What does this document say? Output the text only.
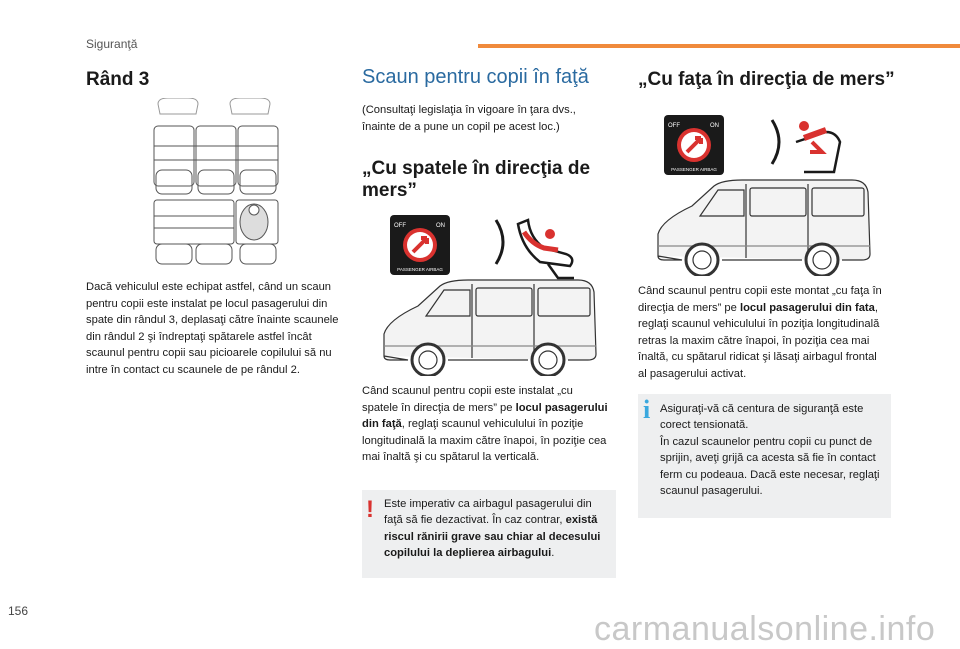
Siguranţă
Rând 3
Dacă vehiculul este echipat astfel, când un scaun pentru copii este instalat pe locul pasagerului din spate din rândul 3, deplasaţi către înainte scaunele din rândul 2 şi îndreptaţi spătarele astfel încât scaunul pentru copii sau picioarele copilului să nu intre în contact cu scaunele de pe rândul 2.
Scaun pentru copii în faţă
(Consultaţi legislaţia în vigoare în ţara dvs., înainte de a pune un copil pe acest loc.)
„Cu spatele în direcţia de mers”
OFF	ON
PASSENGER AIRBAG
Când scaunul pentru copii este instalat „cu spatele în direcţia de mers” pe locul pasagerului din faţă, reglaţi scaunul vehiculului în poziţie longitudinală la maxim către înapoi, în poziţie cea mai înaltă şi cu spătarul la verticală.
! Este imperativ ca airbagul pasagerului din faţă să fie dezactivat. În caz contrar, există riscul rănirii grave sau chiar al decesului copilului la deplierea airbagului.
„Cu faţa în direcţia de mers”
OFF	ON
PASSENGER AIRBAG
Când scaunul pentru copii este montat „cu faţa în direcţia de mers” pe locul pasagerului din fata, reglaţi scaunul vehiculului în poziţia longitudinală retras la maxim către înapoi, în poziţia cea mai înaltă, cu spătarul ridicat şi lăsaţi airbagul frontal al pasagerului activat.
i Asiguraţi-vă că centura de siguranţă este corect tensionată.
În cazul scaunelor pentru copii cu punct de sprijin, aveţi grijă ca acesta să fie în contact ferm cu podeaua. Dacă este necesar, reglaţi scaunul pasagerului.
156	carmanualsonline.info
